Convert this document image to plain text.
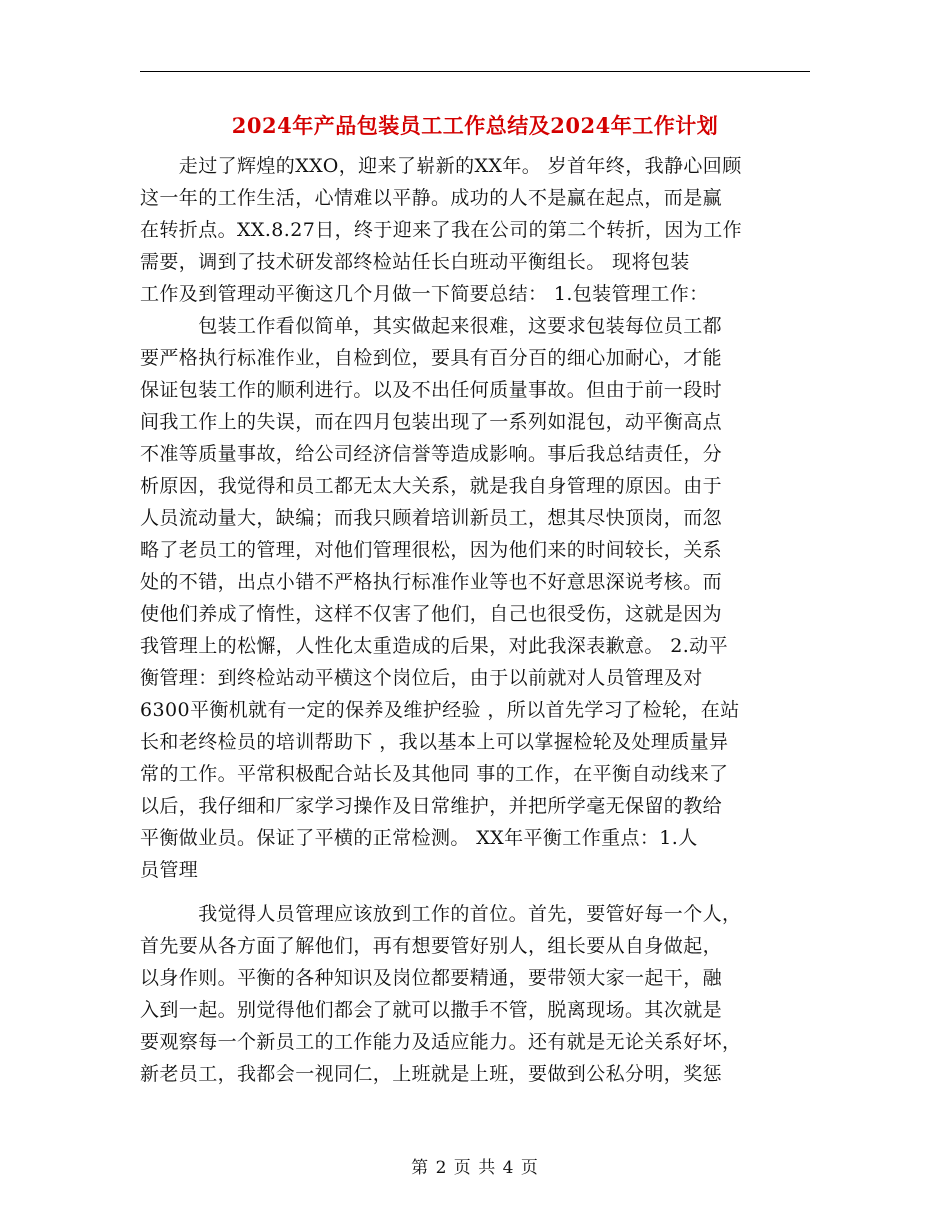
2024年产品包装员工工作总结及2024年工作计划
　　走过了辉煌的XXO，迎来了崭新的XX年。 岁首年终，我静心回顾
这一年的工作生活，心情难以平静。成功的人不是赢在起点，而是赢
在转折点。XX.8.27日，终于迎来了我在公司的第二个转折，因为工作
需要，调到了技术研发部终检站任长白班动平衡组长。 现将包装
工作及到管理动平衡这几个月做一下简要总结： 1.包装管理工作：
　　　包装工作看似简单，其实做起来很难，这要求包装每位员工都
要严格执行标准作业，自检到位，要具有百分百的细心加耐心，才能
保证包装工作的顺利进行。以及不出任何质量事故。但由于前一段时
间我工作上的失误，而在四月包装出现了一系列如混包，动平衡高点
不准等质量事故，给公司经济信誉等造成影响。事后我总结责任，分
析原因，我觉得和员工都无太大关系，就是我自身管理的原因。由于
人员流动量大，缺编；而我只顾着培训新员工，想其尽快顶岗，而忽
略了老员工的管理，对他们管理很松，因为他们来的时间较长，关系
处的不错，出点小错不严格执行标准作业等也不好意思深说考核。而
使他们养成了惰性，这样不仅害了他们，自己也很受伤，这就是因为
我管理上的松懈，人性化太重造成的后果，对此我深表歉意。 2.动平
衡管理：到终检站动平横这个岗位后，由于以前就对人员管理及对
6300平衡机就有一定的保养及维护经验 ，所以首先学习了检轮，在站
长和老终检员的培训帮助下 ，我以基本上可以掌握检轮及处理质量异
常的工作。平常积极配合站长及其他同 事的工作，在平衡自动线来了
以后，我仔细和厂家学习操作及日常维护，并把所学毫无保留的教给
平衡做业员。保证了平横的正常检测。 XX年平衡工作重点：1.人
员管理
　　　我觉得人员管理应该放到工作的首位。首先，要管好每一个人，
首先要从各方面了解他们，再有想要管好别人，组长要从自身做起，
以身作则。平衡的各种知识及岗位都要精通，要带领大家一起干，融
入到一起。别觉得他们都会了就可以撒手不管，脱离现场。其次就是
要观察每一个新员工的工作能力及适应能力。还有就是无论关系好坏，
新老员工，我都会一视同仁，上班就是上班，要做到公私分明，奖惩
第 2 页 共 4 页
